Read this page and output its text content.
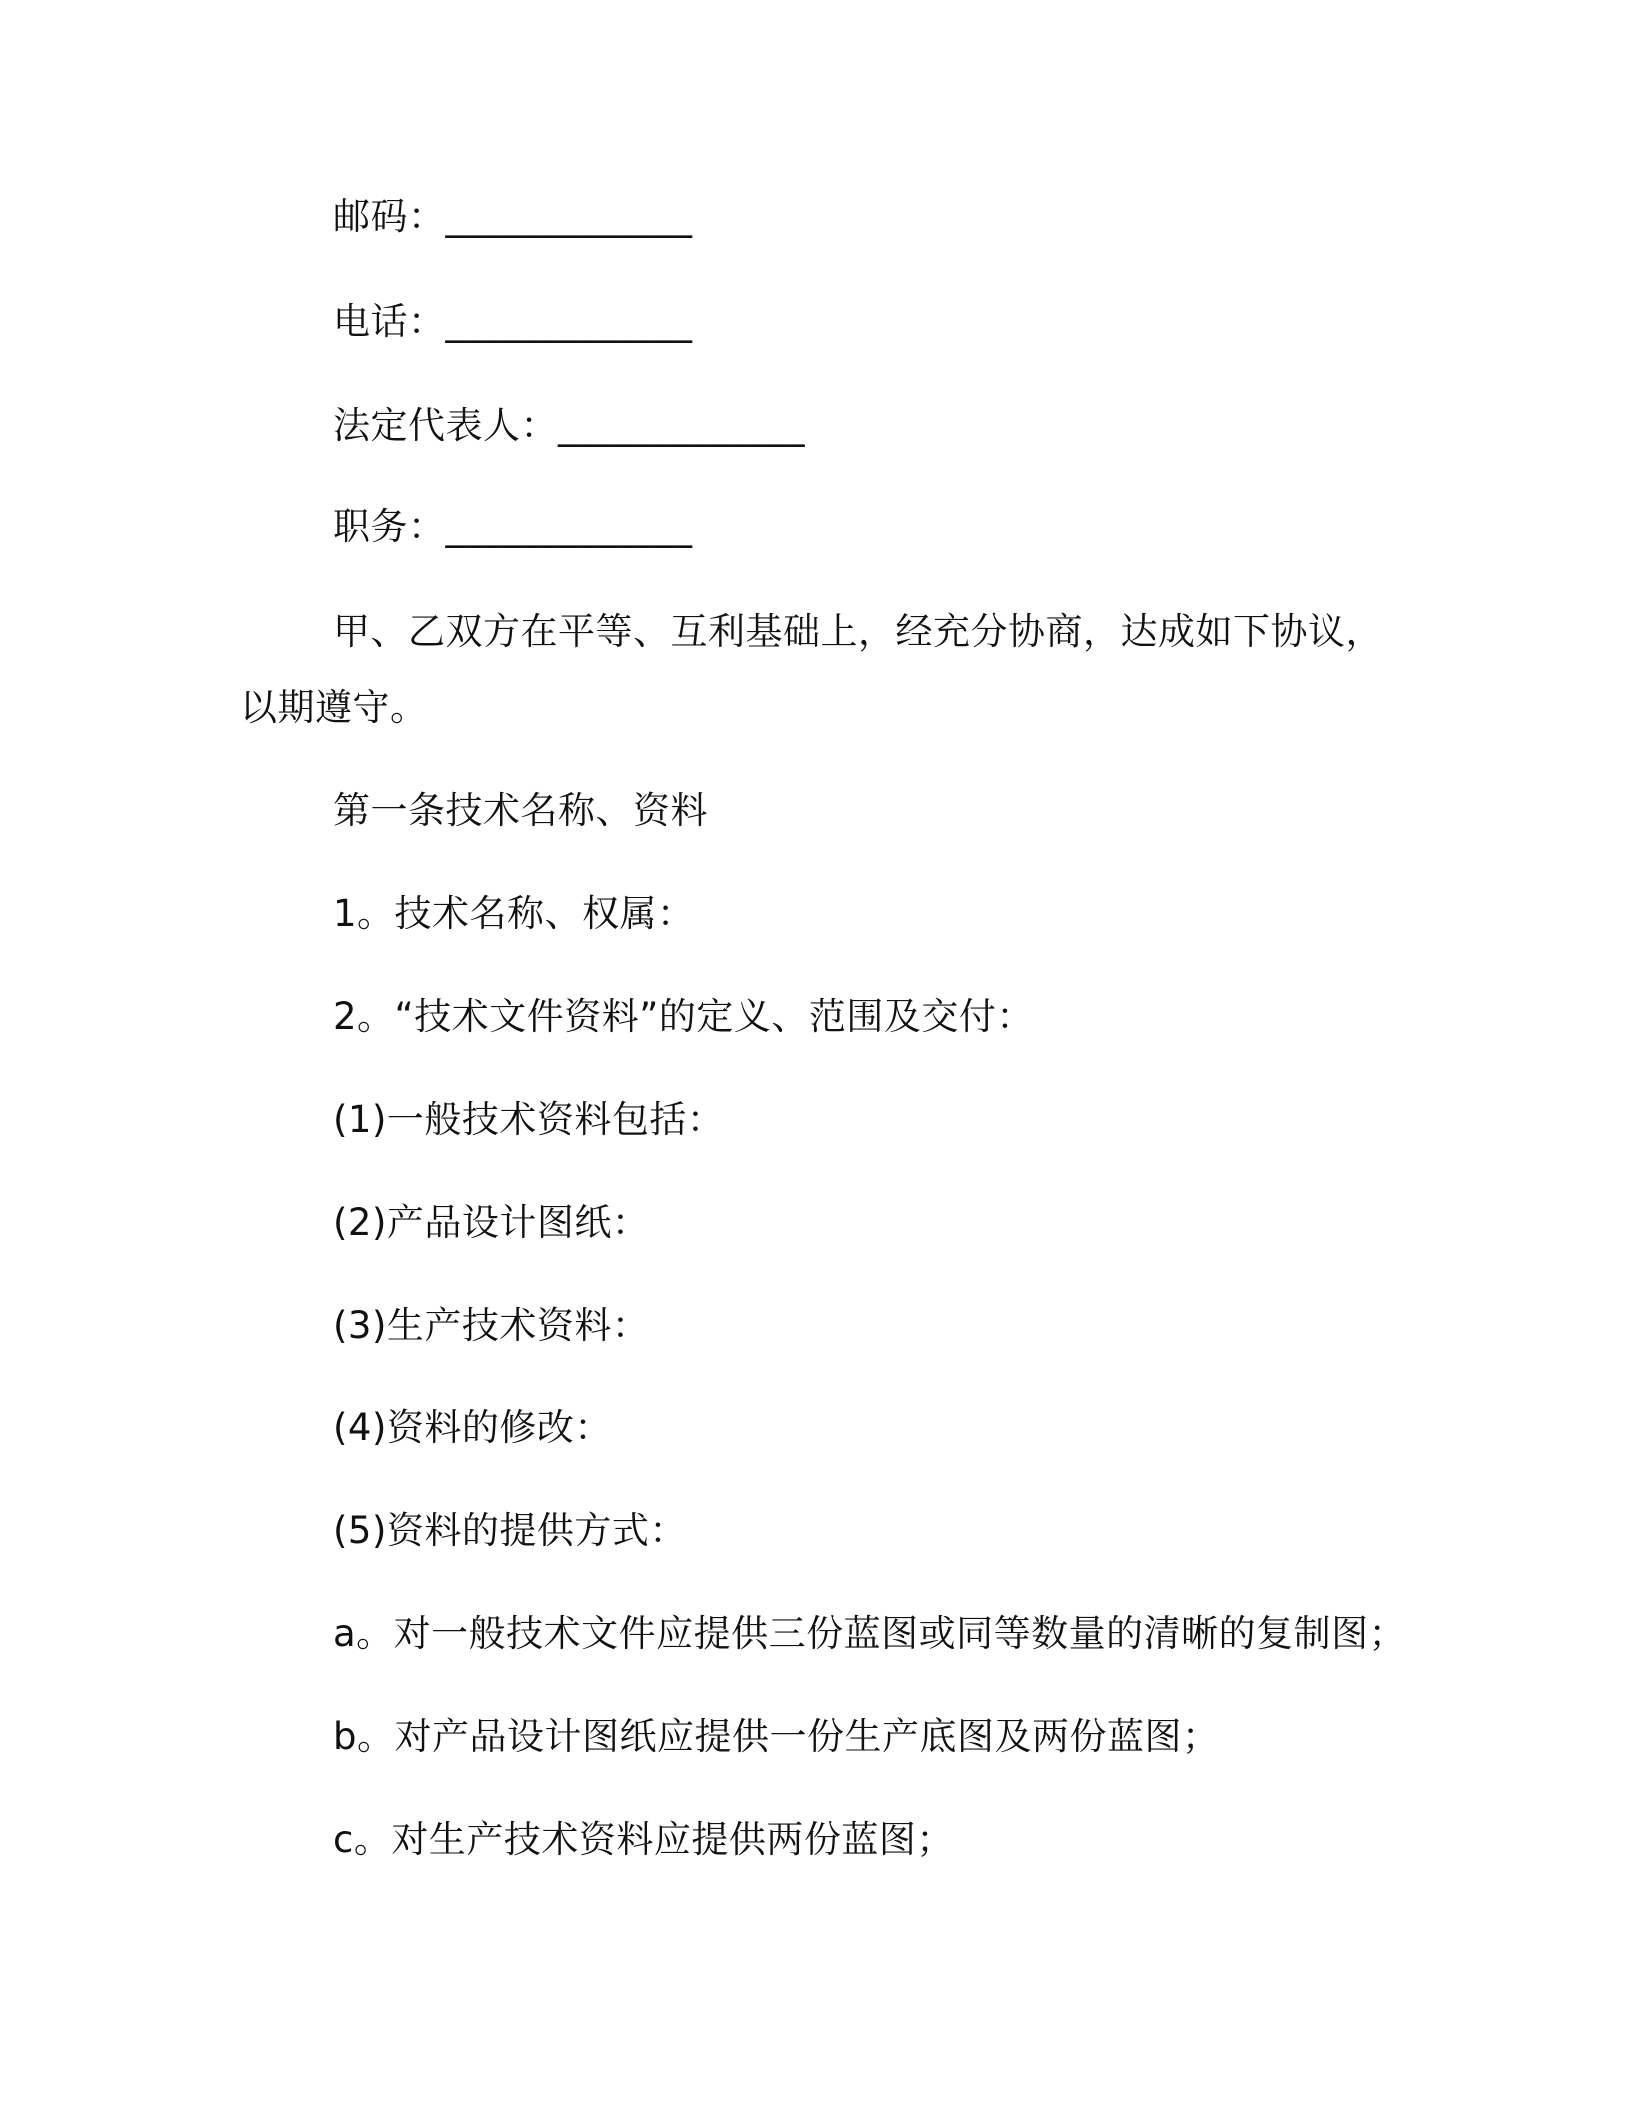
邮码：_____________
电话：_____________
法定代表人：_____________
职务：_____________
甲、乙双方在平等、互利基础上，经充分协商，达成如下协议，
以期遵守。
第一条技术名称、资料
1。技术名称、权属：
2。“技术文件资料”的定义、范围及交付：
(1)一般技术资料包括：
(2)产品设计图纸：
(3)生产技术资料：
(4)资料的修改：
(5)资料的提供方式：
a。对一般技术文件应提供三份蓝图或同等数量的清晰的复制图；
b。对产品设计图纸应提供一份生产底图及两份蓝图；
c。对生产技术资料应提供两份蓝图；
